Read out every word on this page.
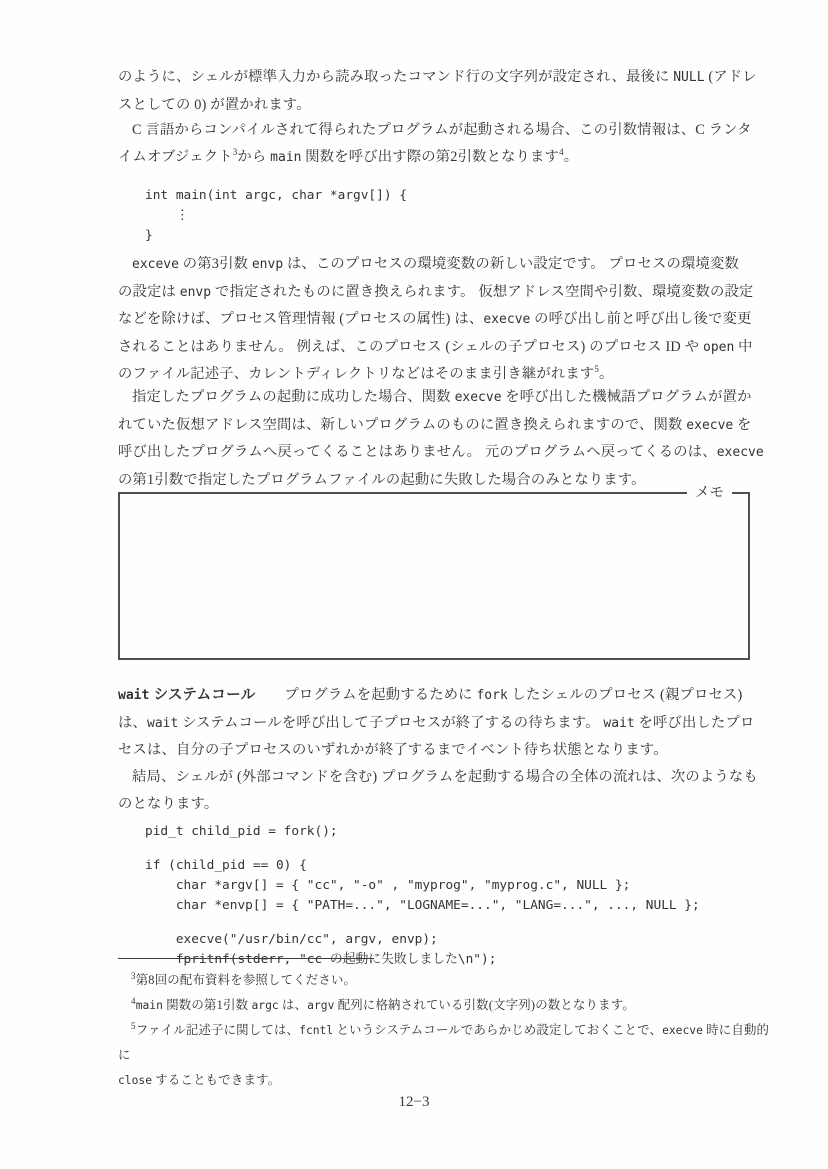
のように、シェルが標準入力から読み取ったコマンド行の文字列が設定され、最後に NULL (アドレ
スとしての 0) が置かれます。

C 言語からコンパイルされて得られたプログラムが起動される場合、この引数情報は、C ランタ
イムオブジェクト$^3$から main 関数を呼び出す際の第2引数となります$^4$。

int main(int argc, char *argv[]) {
⋮
}

exceve の第3引数 envp は、このプロセスの環境変数の新しい設定です。 プロセスの環境変数
の設定は envp で指定されたものに置き換えられます。 仮想アドレス空間や引数、環境変数の設定
などを除けば、プロセス管理情報 (プロセスの属性) は、execve の呼び出し前と呼び出し後で変更
されることはありません。 例えば、このプロセス (シェルの子プロセス) のプロセス ID や open 中
のファイル記述子、カレントディレクトリなどはそのまま引き継がれます$^5$。

指定したプログラムの起動に成功した場合、関数 execve を呼び出した機械語プログラムが置か
れていた仮想アドレス空間は、新しいプログラムのものに置き換えられますので、関数 execve を
呼び出したプログラムへ戻ってくることはありません。 元のプログラムへ戻ってくるのは、execve
の第1引数で指定したプログラムファイルの起動に失敗した場合のみとなります。

メモ

wait システムコール　　プログラムを起動するために fork したシェルのプロセス (親プロセス)
は、wait システムコールを呼び出して子プロセスが終了するの待ちます。 wait を呼び出したプロ
セスは、自分の子プロセスのいずれかが終了するまでイベント待ち状態となります。

結局、シェルが (外部コマンドを含む) プログラムを起動する場合の全体の流れは、次のようなも
のとなります。

pid_t child_pid = fork();

if (child_pid == 0) {
char *argv[] = { "cc", "-o" , "myprog", "myprog.c", NULL };
char *envp[] = { "PATH=...", "LOGNAME=...", "LANG=...", ..., NULL };

execve("/usr/bin/cc", argv, envp);
fpritnf(stderr, "cc の起動に失敗しました\n");
$^3$第8回の配布資料を参照してください。
$^4$main 関数の第1引数 argc は、argv 配列に格納されている引数(文字列)の数となります。
$^5$ファイル記述子に関しては、fcntl というシステムコールであらかじめ設定しておくことで、execve 時に自動的に
close することもできます。
12−3
